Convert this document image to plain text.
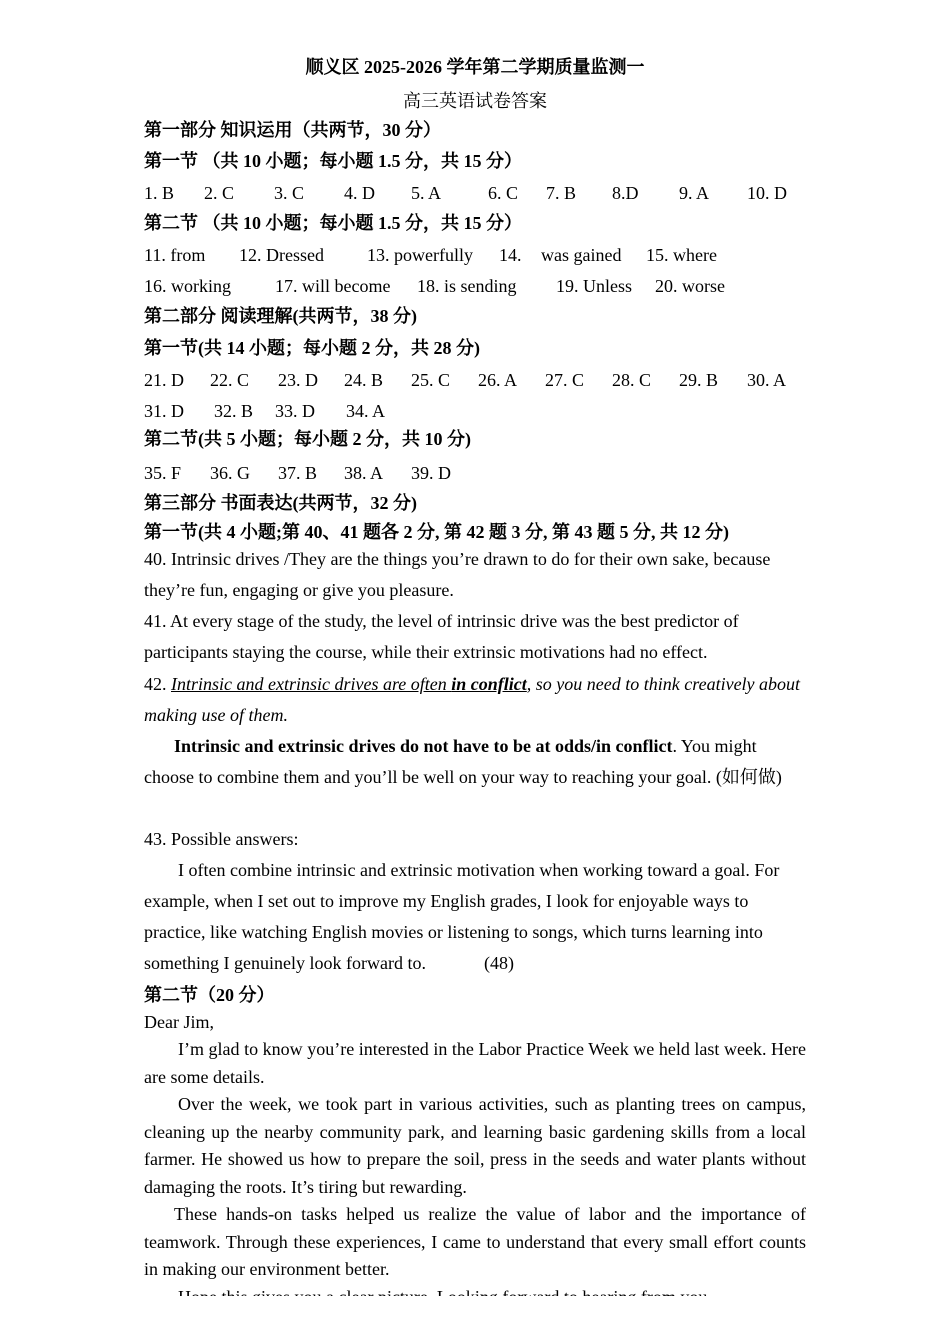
顺义区 2025-2026 学年第二学期质量监测一
高三英语试卷答案
第一部分 知识运用（共两节，30 分）
第一节 （共 10 小题；每小题 1.5 分，共 15 分）
1. B 2. C 3. C 4. D 5. A	6. C 7. B 8.D 9. A 10. D
第二节 （共 10 小题；每小题 1.5 分，共 15 分）
11. from 12. Dressed 13. powerfully 14. was gained 15. where
16. working 17. will become 18. is sending 19. Unless 20. worse
第二部分 阅读理解(共两节，38 分)
第一节(共 14 小题；每小题 2 分，共 28 分)
21. D 22. C 23. D 24. B 25. C 26. A 27. C 28. C 29. B 30. A
31. D 32. B 33. D 34. A
第二节(共 5 小题；每小题 2 分，共 10 分)
35. F 36. G 37. B 38. A 39. D
第三部分 书面表达(共两节，32 分)
第一节(共 4 小题;第 40、41 题各 2 分, 第 42 题 3 分, 第 43 题 5 分, 共 12 分)
40. Intrinsic drives /They are the things you’re drawn to do for their own sake, because they’re fun, engaging or give you pleasure.
41. At every stage of the study, the level of intrinsic drive was the best predictor of participants staying the course, while their extrinsic motivations had no effect.
42. Intrinsic and extrinsic drives are often in conflict, so you need to think creatively about making use of them.
Intrinsic and extrinsic drives do not have to be at odds/in conflict. You might choose to combine them and you’ll be well on your way to reaching your goal. (如何做)
43. Possible answers:
I often combine intrinsic and extrinsic motivation when working toward a goal. For example, when I set out to improve my English grades, I look for enjoyable ways to practice, like watching English movies or listening to songs, which turns learning into something I genuinely look forward to.	(48)
第二节（20 分）
Dear Jim,
I’m glad to know you’re interested in the Labor Practice Week we held last week. Here are some details.
Over the week, we took part in various activities, such as planting trees on campus, cleaning up the nearby community park, and learning basic gardening skills from a local farmer. He showed us how to prepare the soil, press in the seeds and water plants without damaging the roots. It’s tiring but rewarding.
These hands-on tasks helped us realize the value of labor and the importance of teamwork. Through these experiences, I came to understand that every small effort counts in making our environment better.
